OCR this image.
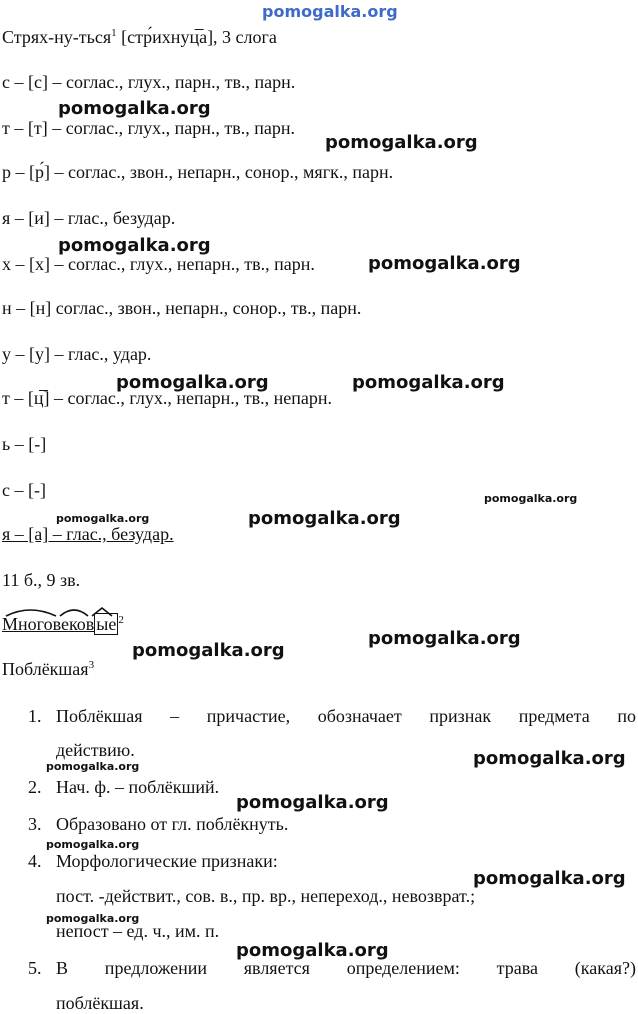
pomogalka.org
Стрях-ну-ться$^1$ [стр́ихнуц̅а], 3 слога
с – [с] – соглас., глух., парн., тв., парн.
т – [т] – соглас., глух., парн., тв., парн.
р – [р́] – соглас., звон., непарн., сонор., мягк., парн.
я – [и] – глас., безудар.
х – [х] – соглас., глух., непарн., тв., парн.
н – [н] соглас., звон., непарн., сонор., тв., парн.
у – [у] – глас., удар.
т – [ц̅] – соглас., глух., непарн., тв., непарн.
ь – [-]
с – [-]
я – [а] – глас., безудар.
11 б., 9 зв.
Многовеков ые $^2$
Поблёкшая$^3$
1. Поблёкшая – причастие, обозначает признак предмета по
действию.
2. Нач. ф. – поблёкший.
3. Образовано от гл. поблёкнуть.
4. Морфологические признаки:
пост. -действит., сов. в., пр. вр., непереход., невозврат.;
непост – ед. ч., им. п.
5. В предложении является определением: трава (какая?)
поблёкшая.
pomogalka.org
pomogalka.org
pomogalka.org
pomogalka.org
pomogalka.org	pomogalka.org
pomogalka.org
pomogalka.org	pomogalka.org
pomogalka.org
pomogalka.org
pomogalka.org
pomogalka.org
pomogalka.org
pomogalka.org
pomogalka.org
pomogalka.org
pomogalka.org
